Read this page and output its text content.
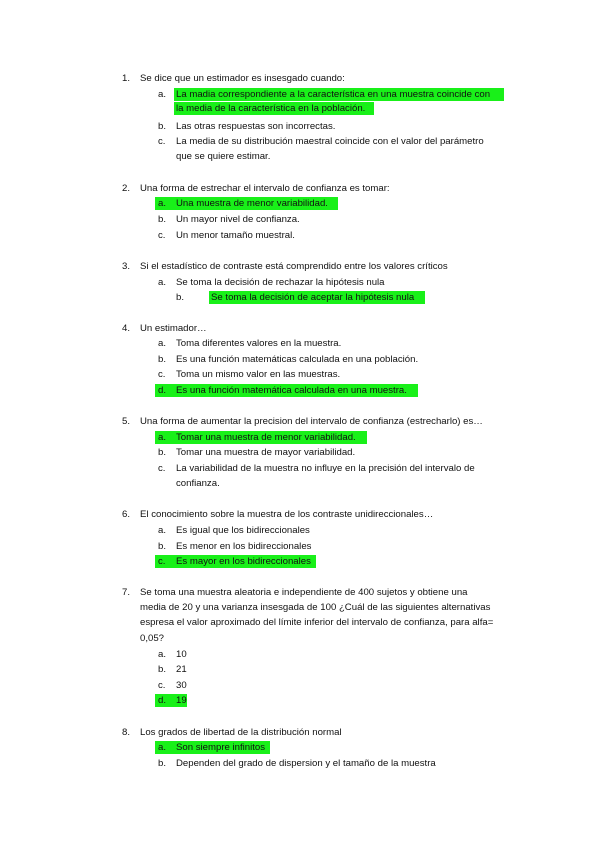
1. Se dice que un estimador es insesgado cuando:
a. La madia correspondiente a la característica en una muestra coincide con
la media de la característica en la población.
b. Las otras respuestas son incorrectas.
c. La media de su distribución maestral coincide con el valor del parámetro
que se quiere estimar.
2. Una forma de estrechar el intervalo de confianza es tomar:
a. Una muestra de menor variabilidad.
b. Un mayor nivel de confianza.
c. Un menor tamaño muestral.
3. Si el estadístico de contraste está comprendido entre los valores críticos
a. Se toma la decisión de rechazar la hipótesis nula
b.	Se toma la decisión de aceptar la hipótesis nula
4. Un estimador…
a. Toma diferentes valores en la muestra.
b. Es una función matemáticas calculada en una población.
c. Toma un mismo valor en las muestras.
d. Es una función matemática calculada en una muestra.
5. Una forma de aumentar la precision del intervalo de confianza (estrecharlo) es…
a. Tomar una muestra de menor variabilidad.
b. Tomar una muestra de mayor variabilidad.
c. La variabilidad de la muestra no influye en la precisión del intervalo de
confianza.
6. El conocimiento sobre la muestra de los contraste unidireccionales…
a. Es igual que los bidireccionales
b. Es menor en los bidireccionales
c. Es mayor en los bidireccionales
7. Se toma una muestra aleatoria e independiente de 400 sujetos y obtiene una
media de 20 y una varianza insesgada de 100 ¿Cuál de las siguientes alternativas
espresa el valor aproximado del límite inferior del intervalo de confianza, para alfa=
0,05?
a. 10
b. 21
c. 30
d. 19
8. Los grados de libertad de la distribución normal
a. Son siempre infinitos
b. Dependen del grado de dispersion y el tamaño de la muestra
